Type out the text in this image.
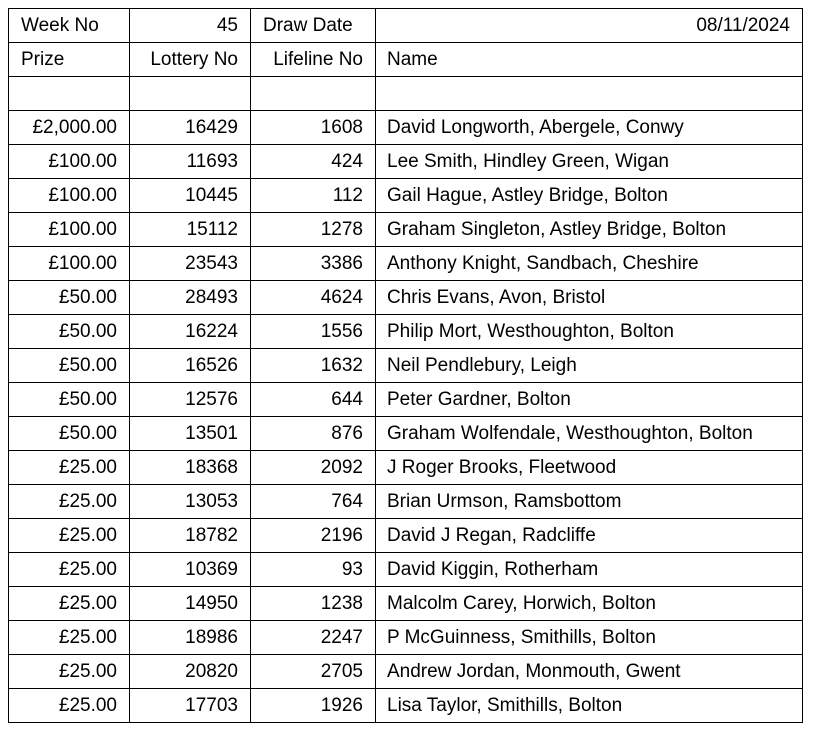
Week No	45	Draw Date	08/11/2024
Prize	Lottery No	Lifeline No	Name

£2,000.00	16429	1608	David Longworth, Abergele, Conwy
£100.00	11693	424	Lee Smith, Hindley Green, Wigan
£100.00	10445	112	Gail Hague, Astley Bridge, Bolton
£100.00	15112	1278	Graham Singleton, Astley Bridge, Bolton
£100.00	23543	3386	Anthony Knight, Sandbach, Cheshire
£50.00	28493	4624	Chris Evans, Avon, Bristol
£50.00	16224	1556	Philip Mort, Westhoughton, Bolton
£50.00	16526	1632	Neil Pendlebury, Leigh
£50.00	12576	644	Peter Gardner, Bolton
£50.00	13501	876	Graham Wolfendale, Westhoughton, Bolton
£25.00	18368	2092	J Roger Brooks, Fleetwood
£25.00	13053	764	Brian Urmson, Ramsbottom
£25.00	18782	2196	David J Regan, Radcliffe
£25.00	10369	93	David Kiggin, Rotherham
£25.00	14950	1238	Malcolm Carey, Horwich, Bolton
£25.00	18986	2247	P McGuinness, Smithills, Bolton
£25.00	20820	2705	Andrew Jordan, Monmouth, Gwent
£25.00	17703	1926	Lisa Taylor, Smithills, Bolton
